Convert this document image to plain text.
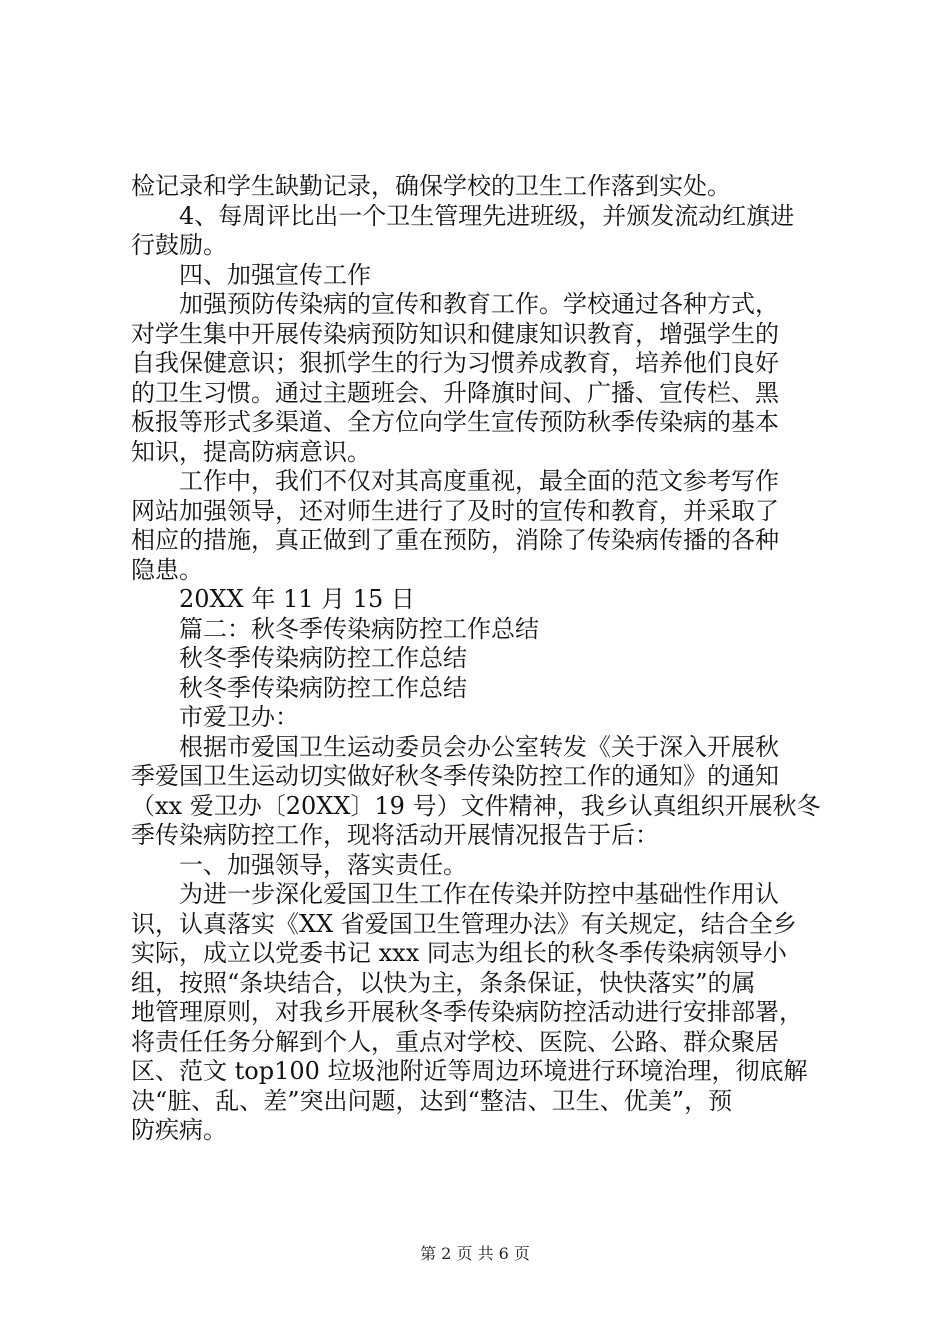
检记录和学生缺勤记录，确保学校的卫生工作落到实处。
4、每周评比出一个卫生管理先进班级，并颁发流动红旗进
行鼓励。
四、加强宣传工作
加强预防传染病的宣传和教育工作。学校通过各种方式，
对学生集中开展传染病预防知识和健康知识教育，增强学生的
自我保健意识；狠抓学生的行为习惯养成教育，培养他们良好
的卫生习惯。通过主题班会、升降旗时间、广播、宣传栏、黑
板报等形式多渠道、全方位向学生宣传预防秋季传染病的基本
知识，提高防病意识。
工作中，我们不仅对其高度重视，最全面的范文参考写作
网站加强领导，还对师生进行了及时的宣传和教育，并采取了
相应的措施，真正做到了重在预防，消除了传染病传播的各种
隐患。
20XX 年 11 月 15 日
篇二：秋冬季传染病防控工作总结
秋冬季传染病防控工作总结
秋冬季传染病防控工作总结
市爱卫办：
根据市爱国卫生运动委员会办公室转发《关于深入开展秋
季爱国卫生运动切实做好秋冬季传染防控工作的通知》的通知
（xx 爱卫办〔20XX〕19 号）文件精神，我乡认真组织开展秋冬
季传染病防控工作，现将活动开展情况报告于后：
一、加强领导，落实责任。
为进一步深化爱国卫生工作在传染并防控中基础性作用认
识，认真落实《XX 省爱国卫生管理办法》有关规定，结合全乡
实际，成立以党委书记 xxx 同志为组长的秋冬季传染病领导小
组，按照“条块结合，以快为主，条条保证，快快落实”的属
地管理原则，对我乡开展秋冬季传染病防控活动进行安排部署，
将责任任务分解到个人，重点对学校、医院、公路、群众聚居
区、范文 top100 垃圾池附近等周边环境进行环境治理，彻底解
决“脏、乱、差”突出问题，达到“整洁、卫生、优美”，预
防疾病。
第 2 页 共 6 页
